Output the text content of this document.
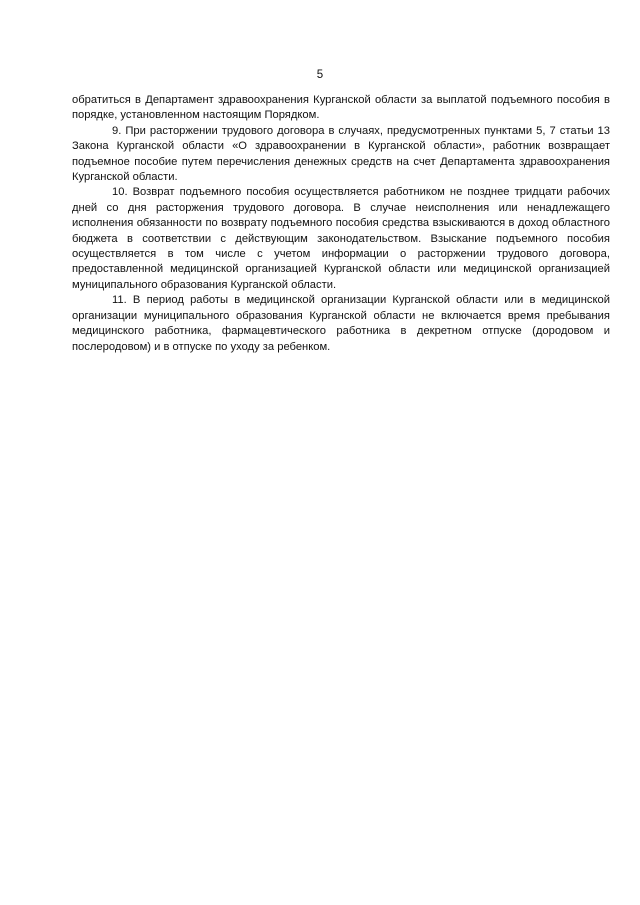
5

обратиться в Департамент здравоохранения Курганской области за выплатой подъемного пособия в порядке, установленном настоящим Порядком.

9. При расторжении трудового договора в случаях, предусмотренных пунктами 5, 7 статьи 13 Закона Курганской области «О здравоохранении в Курганской области», работник возвращает подъемное пособие путем перечисления денежных средств на счет Департамента здравоохранения Курганской области.

10. Возврат подъемного пособия осуществляется работником не позднее тридцати рабочих дней со дня расторжения трудового договора. В случае неисполнения или ненадлежащего исполнения обязанности по возврату подъемного пособия средства взыскиваются в доход областного бюджета в соответствии с действующим законодательством. Взыскание подъемного пособия осуществляется в том числе с учетом информации о расторжении трудового договора, предоставленной медицинской организацией Курганской области или медицинской организацией муниципального образования Курганской области.

11. В период работы в медицинской организации Курганской области или в медицинской организации муниципального образования Курганской области не включается время пребывания медицинского работника, фармацевтического работника в декретном отпуске (дородовом и послеродовом) и в отпуске по уходу за ребенком.
